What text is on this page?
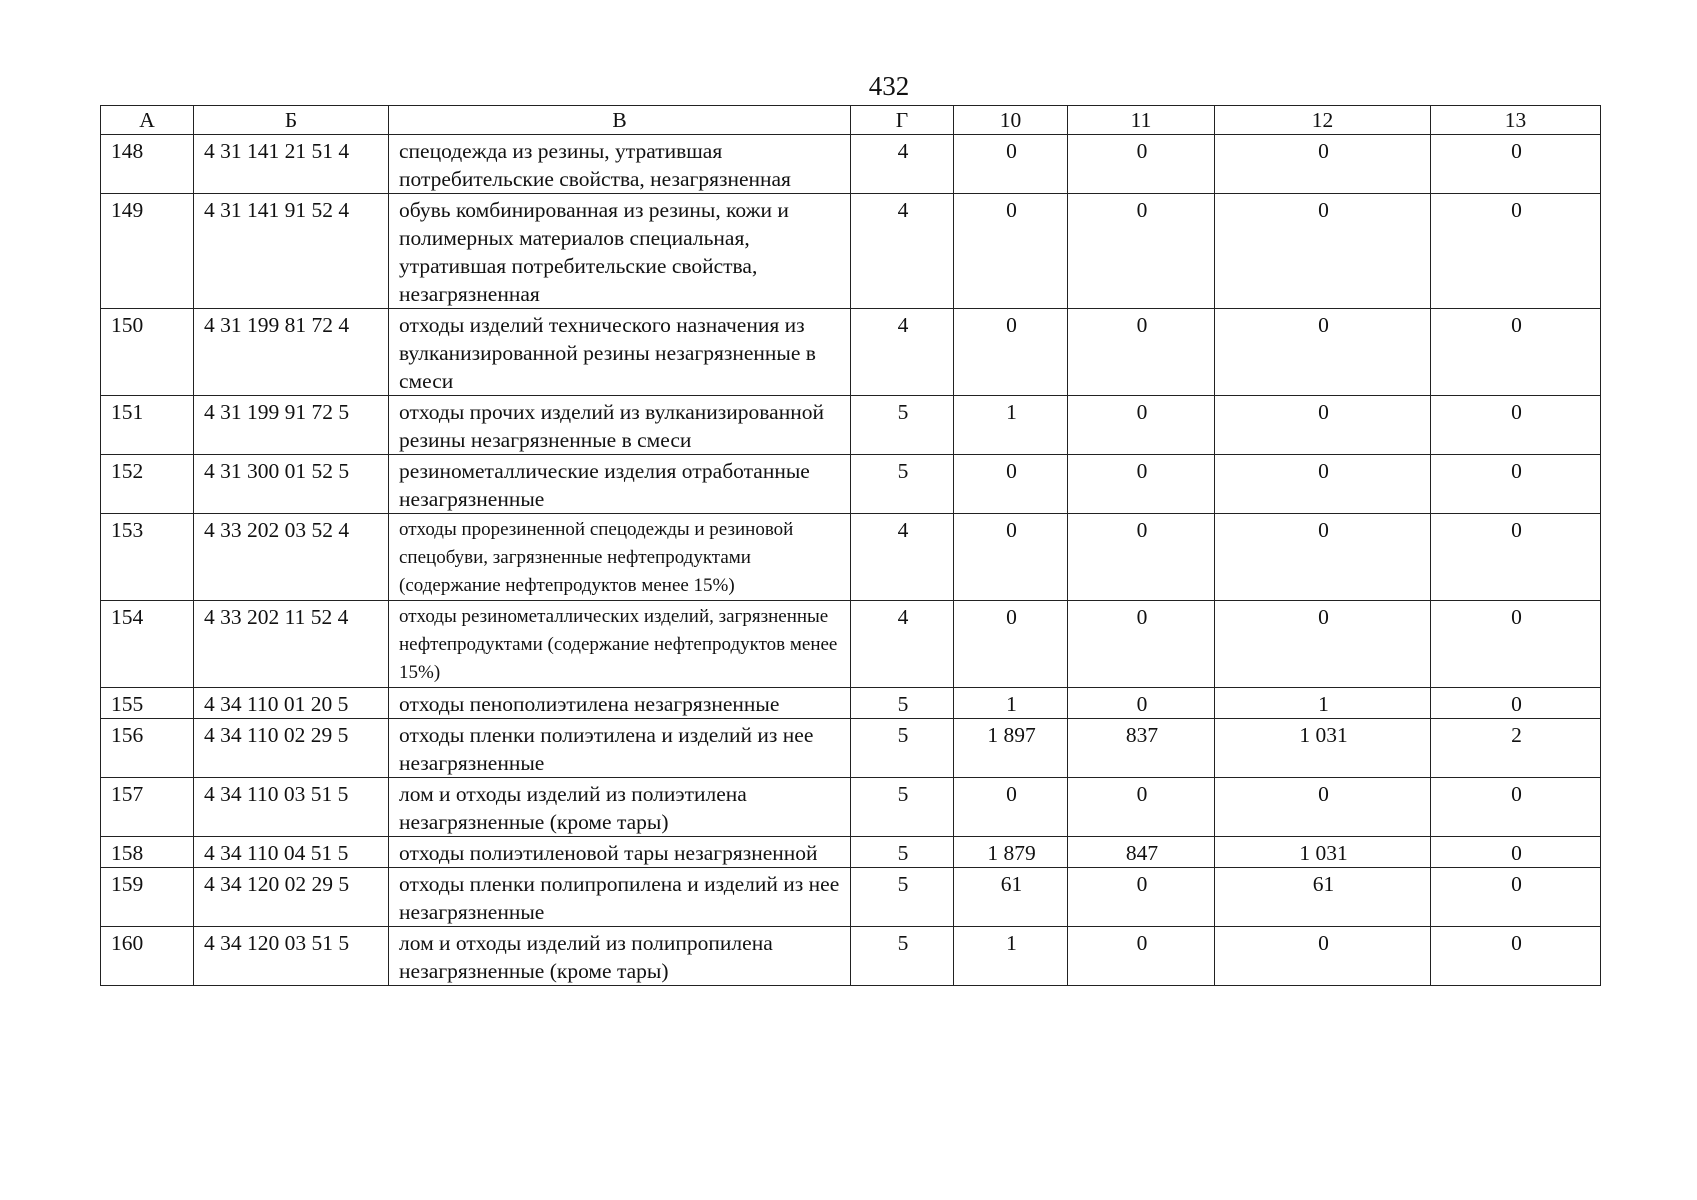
432
А	Б	В	Г	10	11	12	13
148	4 31 141 21 51 4	спецодежда из резины, утратившая потребительские свойства, незагрязненная	4	0	0	0	0
149	4 31 141 91 52 4	обувь комбинированная из резины, кожи и полимерных материалов специальная, утратившая потребительские свойства, незагрязненная	4	0	0	0	0
150	4 31 199 81 72 4	отходы изделий технического назначения из вулканизированной резины незагрязненные в смеси	4	0	0	0	0
151	4 31 199 91 72 5	отходы прочих изделий из вулканизированной резины незагрязненные в смеси	5	1	0	0	0
152	4 31 300 01 52 5	резинометаллические изделия отработанные незагрязненные	5	0	0	0	0
153	4 33 202 03 52 4	отходы прорезиненной спецодежды и резиновой спецобуви, загрязненные нефтепродуктами (содержание нефтепродуктов менее 15%)	4	0	0	0	0
154	4 33 202 11 52 4	отходы резинометаллических изделий, загрязненные нефтепродуктами (содержание нефтепродуктов менее 15%)	4	0	0	0	0
155	4 34 110 01 20 5	отходы пенополиэтилена незагрязненные	5	1	0	1	0
156	4 34 110 02 29 5	отходы пленки полиэтилена и изделий из нее незагрязненные	5	1 897	837	1 031	2
157	4 34 110 03 51 5	лом и отходы изделий из полиэтилена незагрязненные (кроме тары)	5	0	0	0	0
158	4 34 110 04 51 5	отходы полиэтиленовой тары незагрязненной	5	1 879	847	1 031	0
159	4 34 120 02 29 5	отходы пленки полипропилена и изделий из нее незагрязненные	5	61	0	61	0
160	4 34 120 03 51 5	лом и отходы изделий из полипропилена незагрязненные (кроме тары)	5	1	0	0	0
